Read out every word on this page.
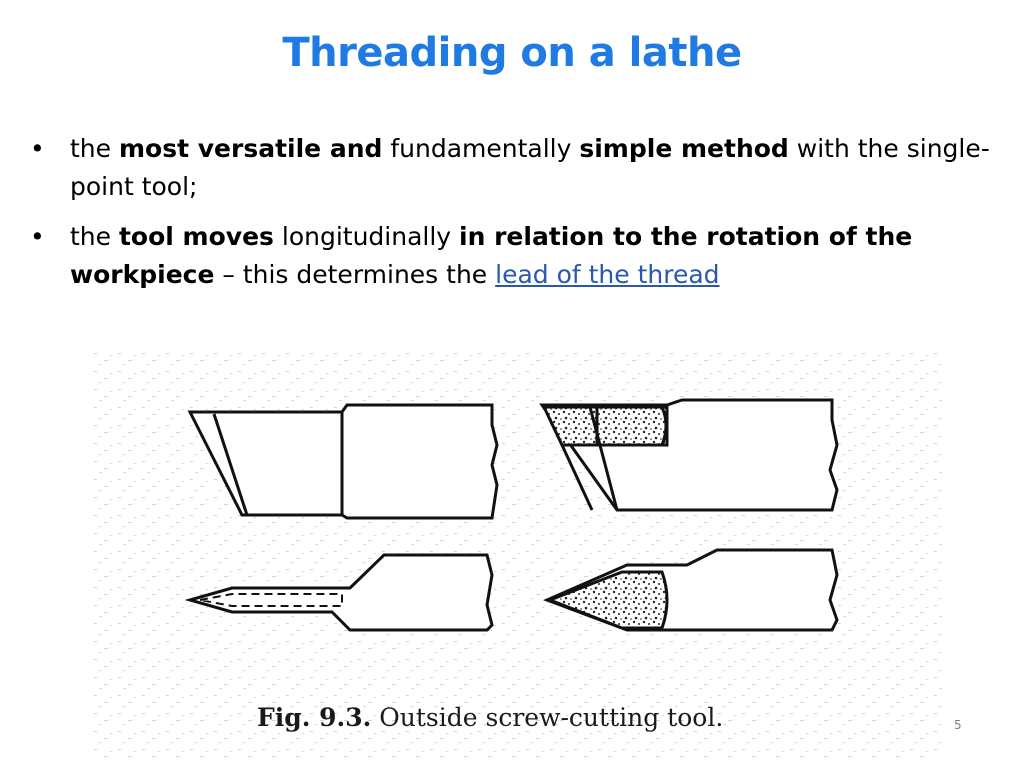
Threading on a lathe
•	the most versatile and fundamentally simple method with the single-point tool;
•	the tool moves longitudinally in relation to the rotation of the workpiece – this determines the lead of the thread
Fig. 9.3. Outside screw-cutting tool.	5
